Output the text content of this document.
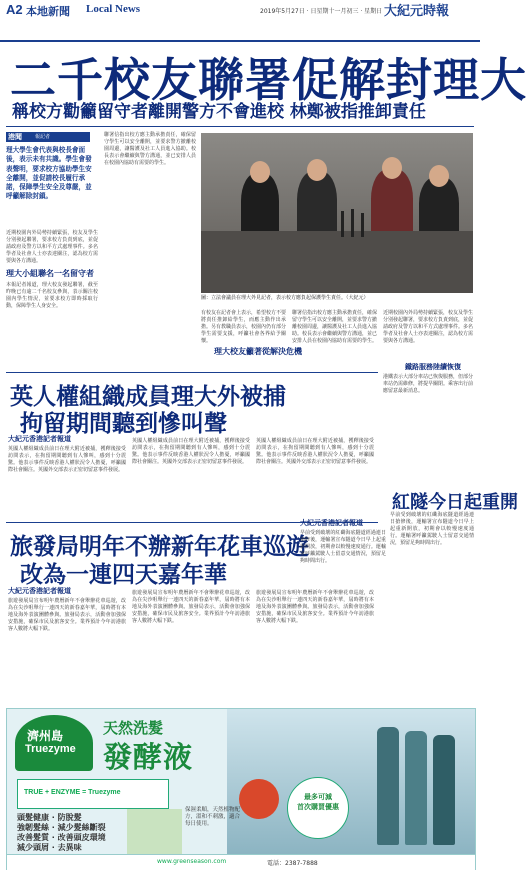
A2 本地新聞 Local News	2019年5月27日 · 日星期十一月初三 · 星期日 大紀元時報
二千校友聯署促解封理大
稱校方勸籲留守者離開警方不會進校 林鄭被指推卸責任
港聞	報記者
理大學生會代表與校長會面後，表示未有共識。學生會發表聲明，要求校方協助學生安全離開，並促請校長履行承諾，保障學生安全及尊嚴，並呼籲解除封鎖。
近期校園內外局勢持續緊張，校友及學生分別發起聯署，要求校方負責到底，並促請政府及警方以和平方式處理事件。多名學者及社會人士亦表達關注，認為校方需要與各方溝通。
理大小組聯名一名留守者
本報記者報道，理大校友發起聯署，截至昨晚已有逾二千名校友參與，表示關注校園內學生情況，並要求校方即時採取行動，保障學生人身安全。
聯署信指出校方應主動承擔責任，確保留守學生可以安全離開，並要求警方撤離校園周邊，讓醫護及社工人員進入協助。校長表示會繼續與警方溝通，並已安排人員在校園內協助有需要的學生。
圖：立法會議員在理大外見記者，表示校方應負起保護學生責任。（大紀元）
有校友在記者會上表示，希望校方不要將責任推卸給學生，而應主動作出承擔。另有教職員表示，校園內仍有部分學生需要支援，呼籲社會各界給予關懷。
理大校友籲著從解決危機
聯署信指出校方應主動承擔責任，確保留守學生可以安全離開，並要求警方撤離校園周邊，讓醫護及社工人員進入協助。校長表示會繼續與警方溝通，並已安排人員在校園內協助有需要的學生。
近期校園內外局勢持續緊張，校友及學生分別發起聯署，要求校方負責到底，並促請政府及警方以和平方式處理事件。多名學者及社會人士亦表達關注，認為校方需要與各方溝通。
鐵路服務陸續恢復
港鐵表示大部分車站已恢復服務，但部分車站仍需維修，將提早關閉。乘客出行前應留意最新消息。
英人權組織成員理大外被捕
拘留期間聽到慘叫聲
大紀元香港記者報道
英國人權組織成員前日在理大附近被捕，獲釋後接受訪問表示，在拘留期間聽到有人慘叫，感到十分震驚。他表示事件反映香港人權狀況令人擔憂，呼籲國際社會關注。英國外交部表示正密切留意事件發展。
英國人權組織成員前日在理大附近被捕，獲釋後接受訪問表示，在拘留期間聽到有人慘叫，感到十分震驚。他表示事件反映香港人權狀況令人擔憂，呼籲國際社會關注。英國外交部表示正密切留意事件發展。
英國人權組織成員前日在理大附近被捕，獲釋後接受訪問表示，在拘留期間聽到有人慘叫，感到十分震驚。他表示事件反映香港人權狀況令人擔憂，呼籲國際社會關注。英國外交部表示正密切留意事件發展。
旅發局明年不辦新年花車巡遊
改為一連四天嘉年華
大紀元香港記者報道
旅遊發展局宣布明年農曆新年不會舉辦花車巡遊，改為在尖沙咀舉行一連四天的新春嘉年華，屆時將有本地及海外表演團體參與。旅發局表示，活動會加強保安措施，確保市民及旅客安全。業界預計今年訪港旅客人數將大幅下跌。
旅遊發展局宣布明年農曆新年不會舉辦花車巡遊，改為在尖沙咀舉行一連四天的新春嘉年華，屆時將有本地及海外表演團體參與。旅發局表示，活動會加強保安措施，確保市民及旅客安全。業界預計今年訪港旅客人數將大幅下跌。
旅遊發展局宣布明年農曆新年不會舉辦花車巡遊，改為在尖沙咀舉行一連四天的新春嘉年華，屆時將有本地及海外表演團體參與。旅發局表示，活動會加強保安措施，確保市民及旅客安全。業界預計今年訪港旅客人數將大幅下跌。
紅隧今日起重開
大紀元香港記者報道
早前受到破壞的紅磡海底隧道經過連日搶修後，運輸署宣布隧道今日早上起重新開放，初期會以較慢速度通行。運輸署呼籲駕駛人士留意交通情況，預留足夠時間出行。
早前受到破壞的紅磡海底隧道經過連日搶修後，運輸署宣布隧道今日早上起重新開放，初期會以較慢速度通行。運輸署呼籲駕駛人士留意交通情況，預留足夠時間出行。
濟州島
Truezyme
天然洗髮
發酵液
TRUE + ENZYME = Truezyme
頭髮健康 · 防脫髮
強韌髮絲 · 減少髮絲斷裂
改善髮質 · 改善頭皮環境
減少頭屑 · 去異味
保濕柔順，天然植物配方，溫和不刺激，適合每日使用。
最多可減
首次購買優惠
www.greenseason.com	電話：2387-7888
